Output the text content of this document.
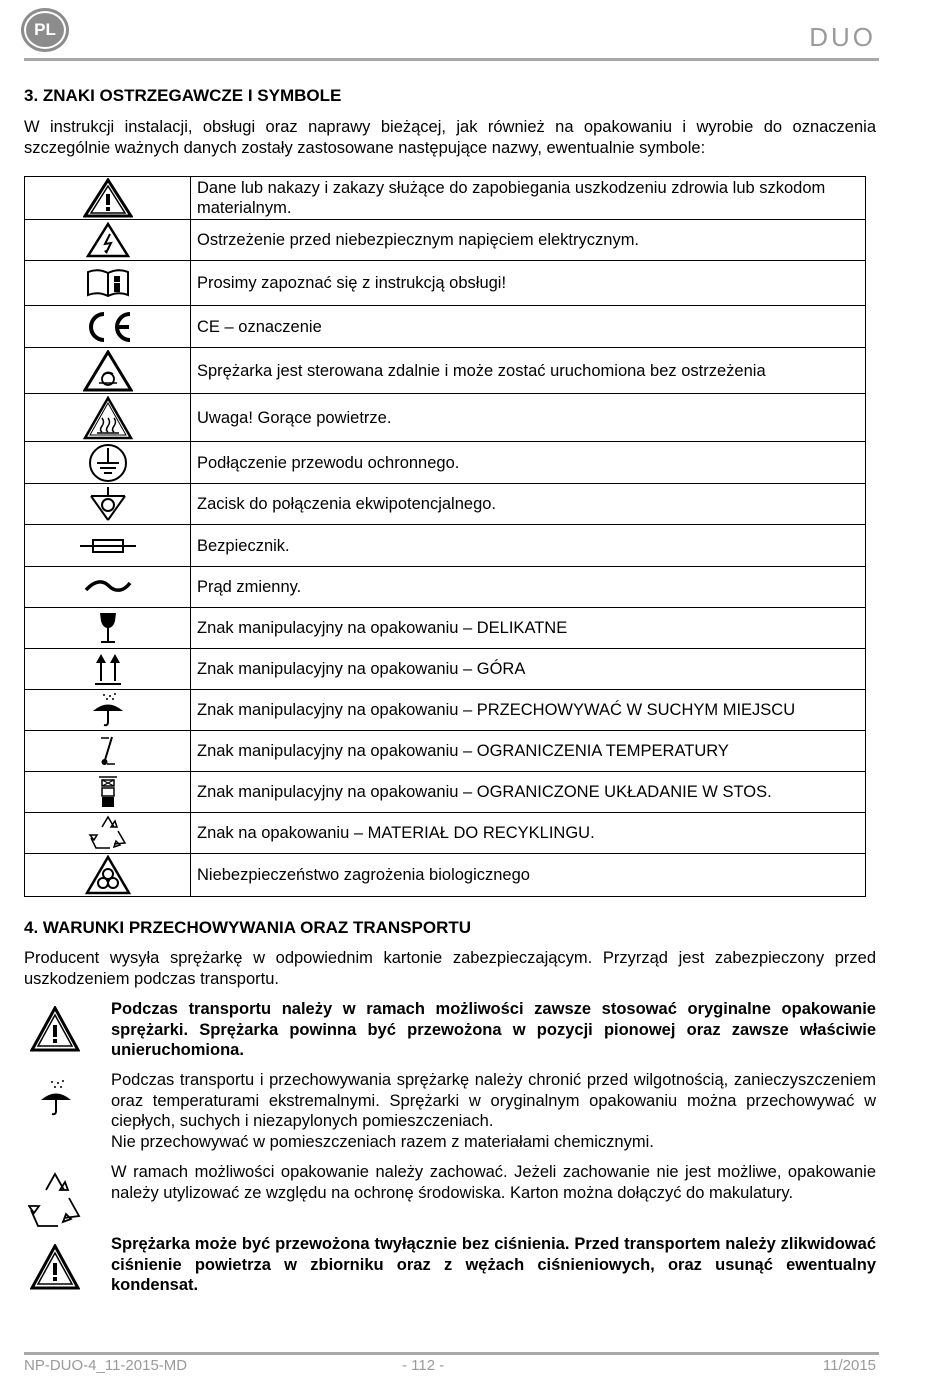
PL	DUO
3. ZNAKI OSTRZEGAWCZE I SYMBOLE
W instrukcji instalacji, obsługi oraz naprawy bieżącej, jak również na opakowaniu i wyrobie do oznaczenia szczególnie ważnych danych zostały zastosowane następujące nazwy, ewentualnie symbole:
	Dane lub nakazy i zakazy służące do zapobiegania uszkodzeniu zdrowia lub szkodom materialnym.

	Ostrzeżenie przed niebezpiecznym napięciem elektrycznym.

	Prosimy zapoznać się z instrukcją obsługi!

	CE – oznaczenie

	Sprężarka jest sterowana zdalnie i może zostać uruchomiona bez ostrzeżenia

	Uwaga! Gorące powietrze.

	Podłączenie przewodu ochronnego.

	Zacisk do połączenia ekwipotencjalnego.

	Bezpiecznik.

	Prąd zmienny.

	Znak manipulacyjny na opakowaniu – DELIKATNE

	Znak manipulacyjny na opakowaniu – GÓRA

	Znak manipulacyjny na opakowaniu – PRZECHOWYWAĆ W SUCHYM MIEJSCU

	Znak manipulacyjny na opakowaniu – OGRANICZENIA TEMPERATURY

	Znak manipulacyjny na opakowaniu – OGRANICZONE UKŁADANIE W STOS.

	Znak na opakowaniu – MATERIAŁ DO RECYKLINGU.

	Niebezpieczeństwo zagrożenia biologicznego
4. WARUNKI PRZECHOWYWANIA ORAZ TRANSPORTU
Producent wysyła sprężarkę w odpowiednim kartonie zabezpieczającym. Przyrząd jest zabezpieczony przed uszkodzeniem podczas transportu.
Podczas transportu należy w ramach możliwości zawsze stosować oryginalne opakowanie sprężarki. Sprężarka powinna być przewożona w pozycji pionowej oraz zawsze właściwie unieruchomiona.
Podczas transportu i przechowywania sprężarkę należy chronić przed wilgotnością, zanieczyszczeniem oraz temperaturami ekstremalnymi. Sprężarki w oryginalnym opakowaniu można przechowywać w ciepłych, suchych i niezapylonych pomieszczeniach.
Nie przechowywać w pomieszczeniach razem z materiałami chemicznymi.
W ramach możliwości opakowanie należy zachować. Jeżeli zachowanie nie jest możliwe, opakowanie należy utylizować ze względu na ochronę środowiska. Karton można dołączyć do makulatury.
Sprężarka może być przewożona twyłącznie bez ciśnienia. Przed transportem należy zlikwidować ciśnienie powietrza w zbiorniku oraz z wężach ciśnieniowych, oraz usunąć ewentualny kondensat.
NP-DUO-4_11-2015-MD	- 112 -	11/2015
